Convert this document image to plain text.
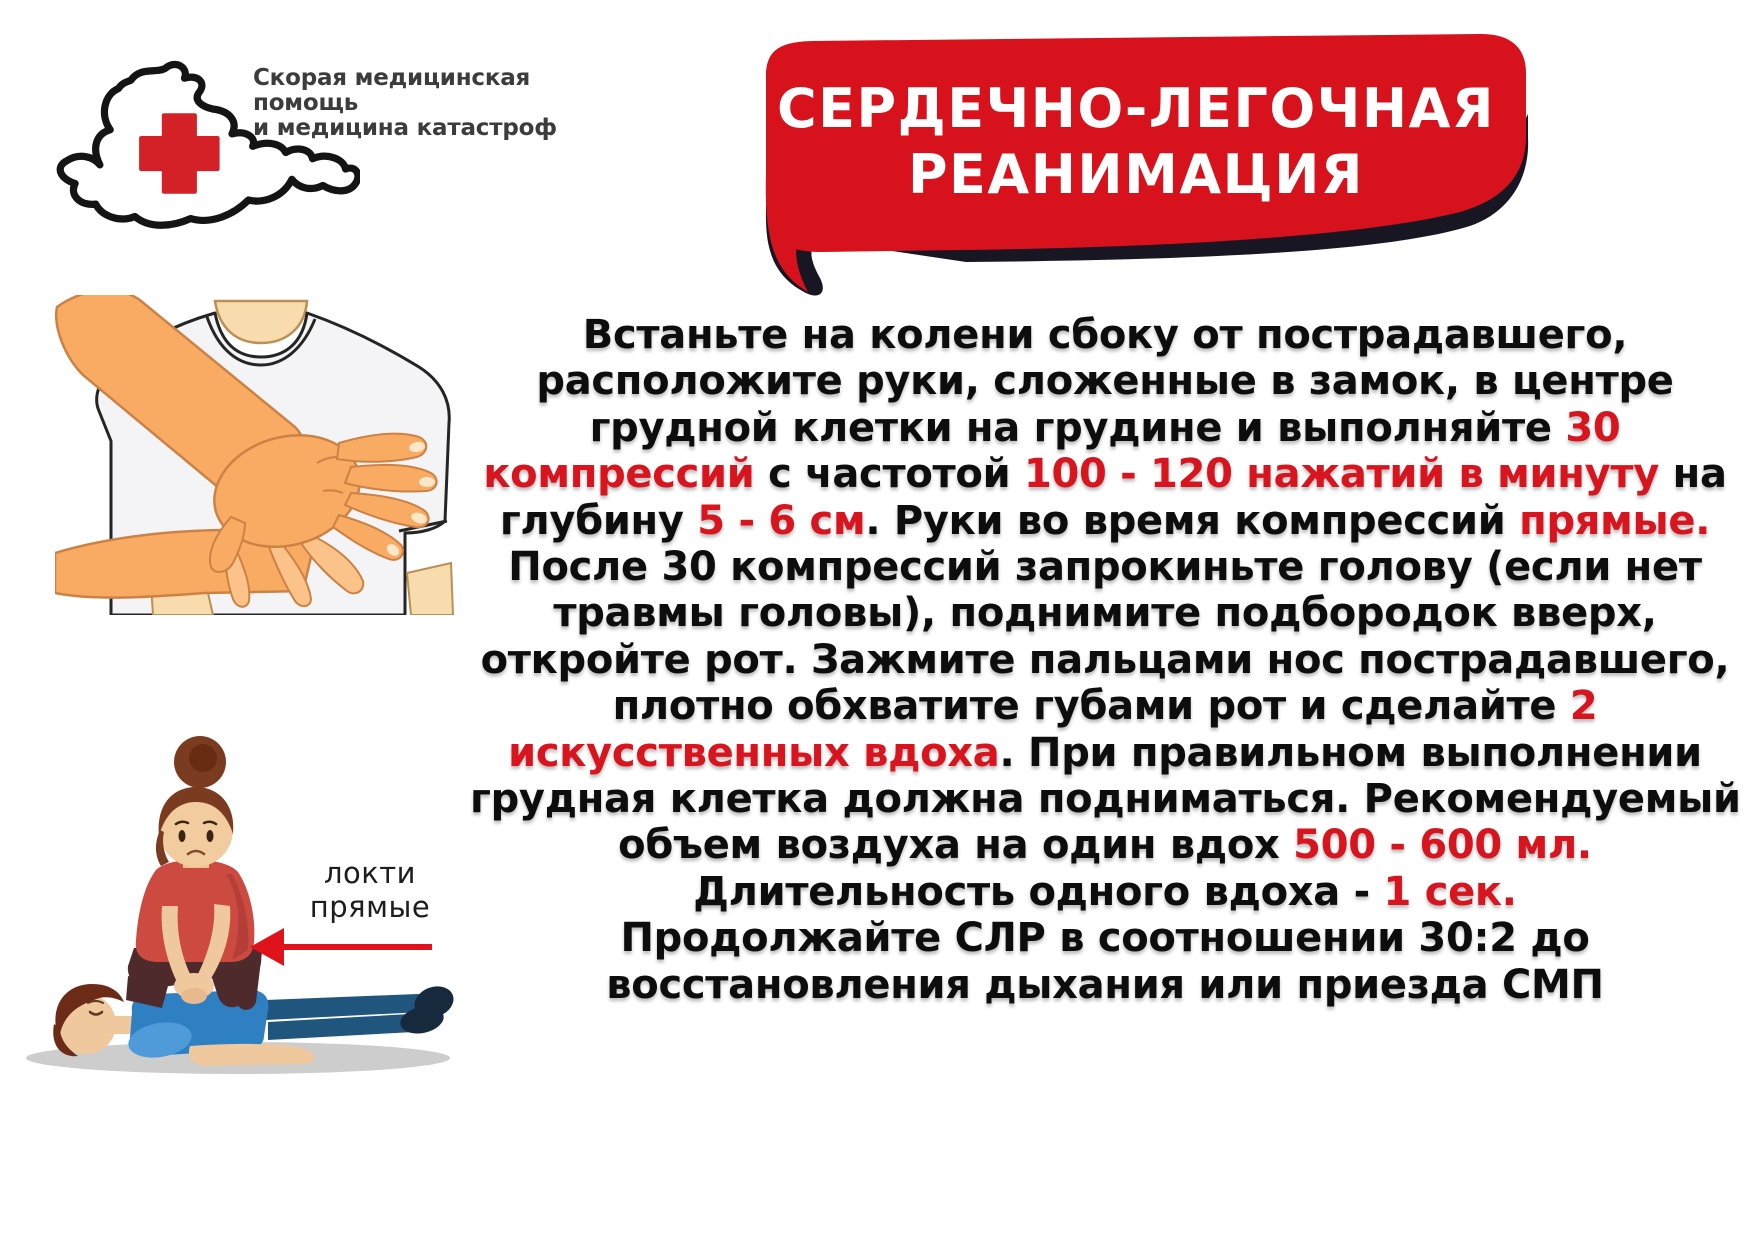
Скорая медицинская помощь
и медицина катастроф	СЕРДЕЧНО-ЛЕГОЧНАЯ
РЕАНИМАЦИЯ
локти
прямые
Встаньте на колени сбоку от пострадавшего,
расположите руки, сложенные в замок, в центре
грудной клетки на грудине и выполняйте 30
компрессий с частотой 100 - 120 нажатий в минуту на
глубину 5 - 6 см. Руки во время компрессий прямые.
После 30 компрессий запрокиньте голову (если нет
травмы головы), поднимите подбородок вверх,
откройте рот. Зажмите пальцами нос пострадавшего,
плотно обхватите губами рот и сделайте 2
искусственных вдоха. При правильном выполнении
грудная клетка должна подниматься. Рекомендуемый
объем воздуха на один вдох 500 - 600 мл.
Длительность одного вдоха - 1 сек.
Продолжайте СЛР в соотношении 30:2 до
восстановления дыхания или приезда СМП
